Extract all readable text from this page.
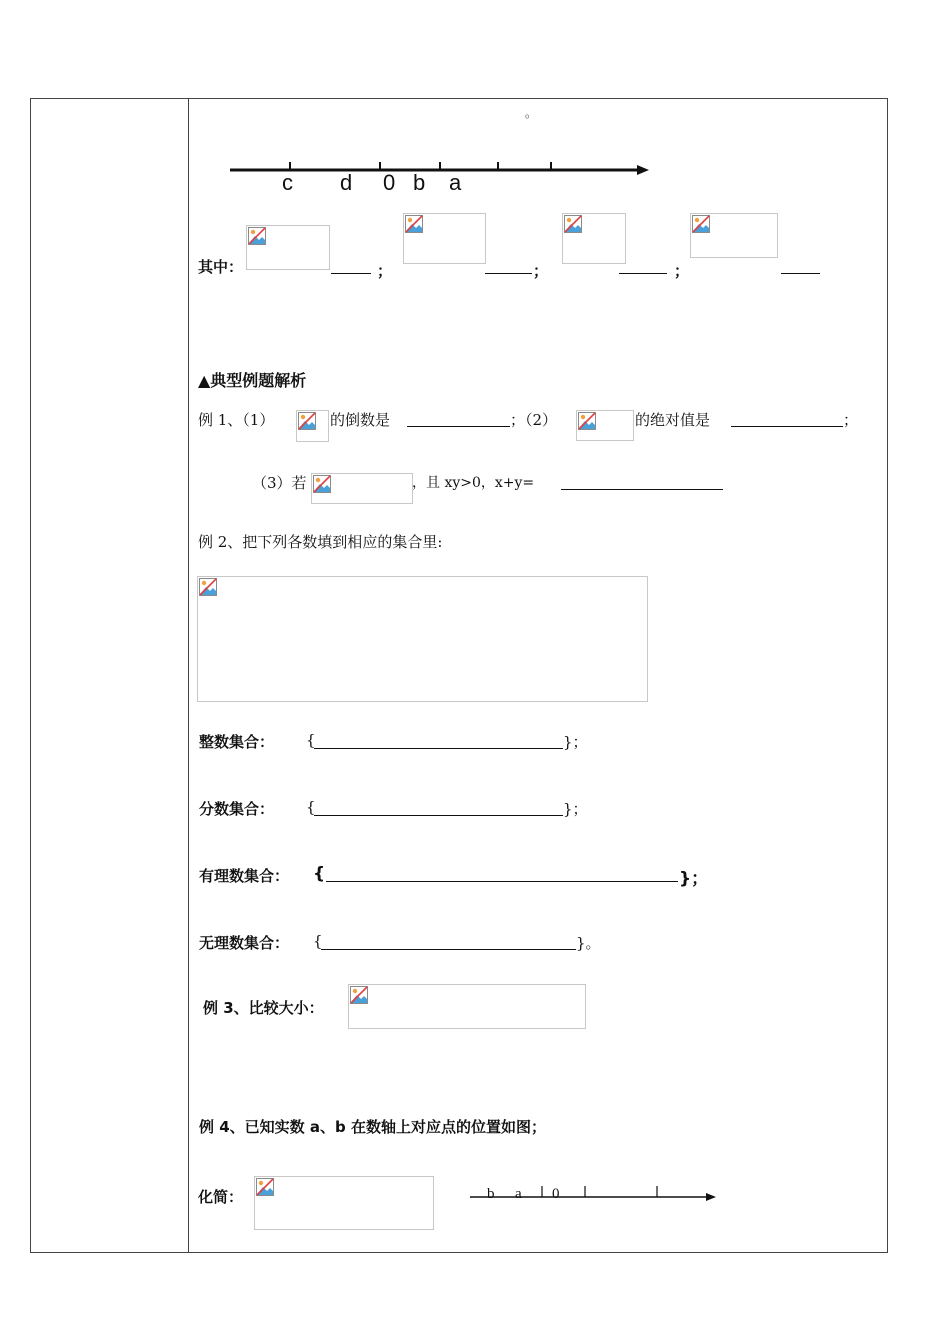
。
c d 0 b a
其中：	；	；	；
▲典型例题解析
例 1、（1）	的倒数是	；（2）	的绝对值是	；
（3）若	，且 xy>0，x+y=
例 2、把下列各数填到相应的集合里:
整数集合： {	}；
分数集合： {	}；
有理数集合： {	}；
无理数集合： {	}。
例 3、比较大小：
例 4、已知实数 a、b 在数轴上对应点的位置如图；
化简：	b a 0
